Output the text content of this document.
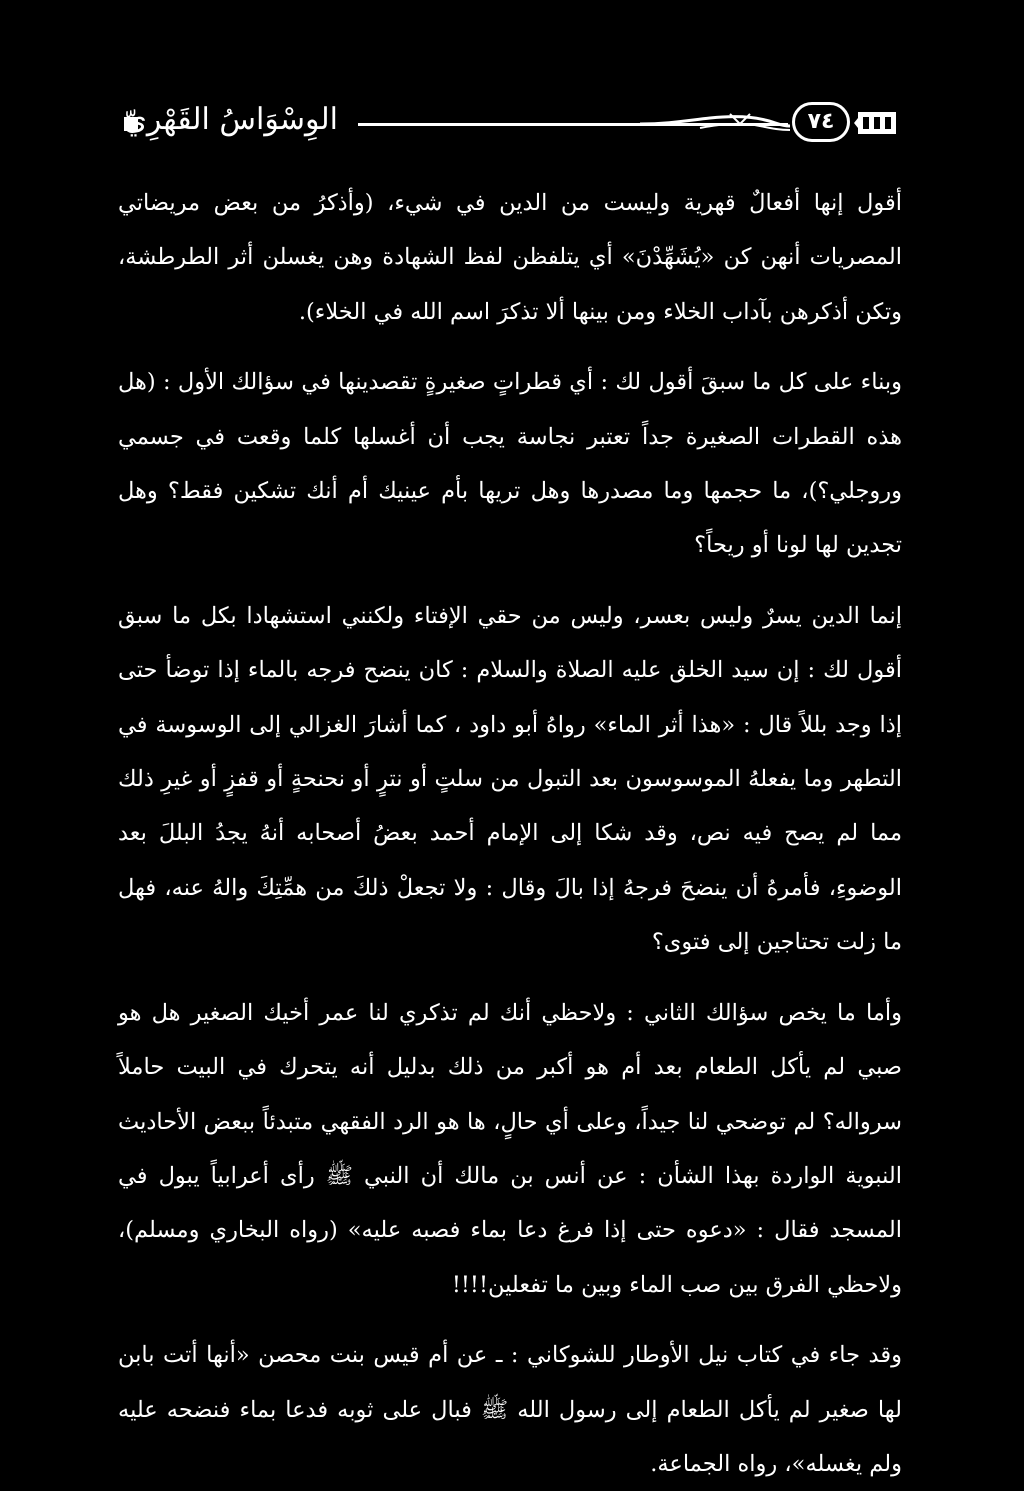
الوِسْوَاسُ القَهْرِيّ	٧٤

أقول إنها أفعالٌ قهرية وليست من الدين في شيء، (وأذكرُ من بعض مريضاتي المصريات أنهن كن «يُشَهِّدْنَ» أي يتلفظن لفظ الشهادة وهن يغسلن أثر الطرطشة، وتكن أذكرهن بآداب الخلاء ومن بينها ألا تذكرَ اسم الله في الخلاء).

وبناء على كل ما سبقَ أقول لك : أي قطراتٍ صغيرةٍ تقصدينها في سؤالك الأول : (هل هذه القطرات الصغيرة جداً تعتبر نجاسة يجب أن أغسلها كلما وقعت في جسمي وروجلي؟)، ما حجمها وما مصدرها وهل تريها بأم عينيك أم أنك تشكين فقط؟ وهل تجدين لها لونا أو ريحاً؟

إنما الدين يسرٌ وليس بعسر، وليس من حقي الإفتاء ولكنني استشهادا بكل ما سبق أقول لك : إن سيد الخلق عليه الصلاة والسلام : كان ينضح فرجه بالماء إذا توضأ حتى إذا وجد بللاً قال : «هذا أثر الماء» رواهُ أبو داود ، كما أشارَ الغزالي إلى الوسوسة في التطهر وما يفعلهُ الموسوسون بعد التبول من سلتٍ أو نترٍ أو نحنحةٍ أو قفزٍ أو غيرِ ذلك مما لم يصح فيه نص، وقد شكا إلى الإمام أحمد بعضُ أصحابه أنهُ يجدُ البللَ بعد الوضوءِ، فأمرهُ أن ينضحَ فرجهُ إذا بالَ وقال : ولا تجعلْ ذلكَ من همِّتِكَ والهُ عنه، فهل ما زلت تحتاجين إلى فتوى؟

وأما ما يخص سؤالك الثاني : ولاحظي أنك لم تذكري لنا عمر أخيك الصغير هل هو صبي لم يأكل الطعام بعد أم هو أكبر من ذلك بدليل أنه يتحرك في البيت حاملاً سرواله؟ لم توضحي لنا جيداً، وعلى أي حالٍ، ها هو الرد الفقهي متبدئاً ببعض الأحاديث النبوية الواردة بهذا الشأن : عن أنس بن مالك أن النبي ﷺ رأى أعرابياً يبول في المسجد فقال : «دعوه حتى إذا فرغ دعا بماء فصبه عليه» (رواه البخاري ومسلم)، ولاحظي الفرق بين صب الماء وبين ما تفعلين!!!!

وقد جاء في كتاب نيل الأوطار للشوكاني : ـ عن أم قيس بنت محصن «أنها أتت بابن لها صغير لم يأكل الطعام إلى رسول الله ﷺ فبال على ثوبه فدعا بماء فنضحه عليه ولم يغسله»، رواه الجماعة.
